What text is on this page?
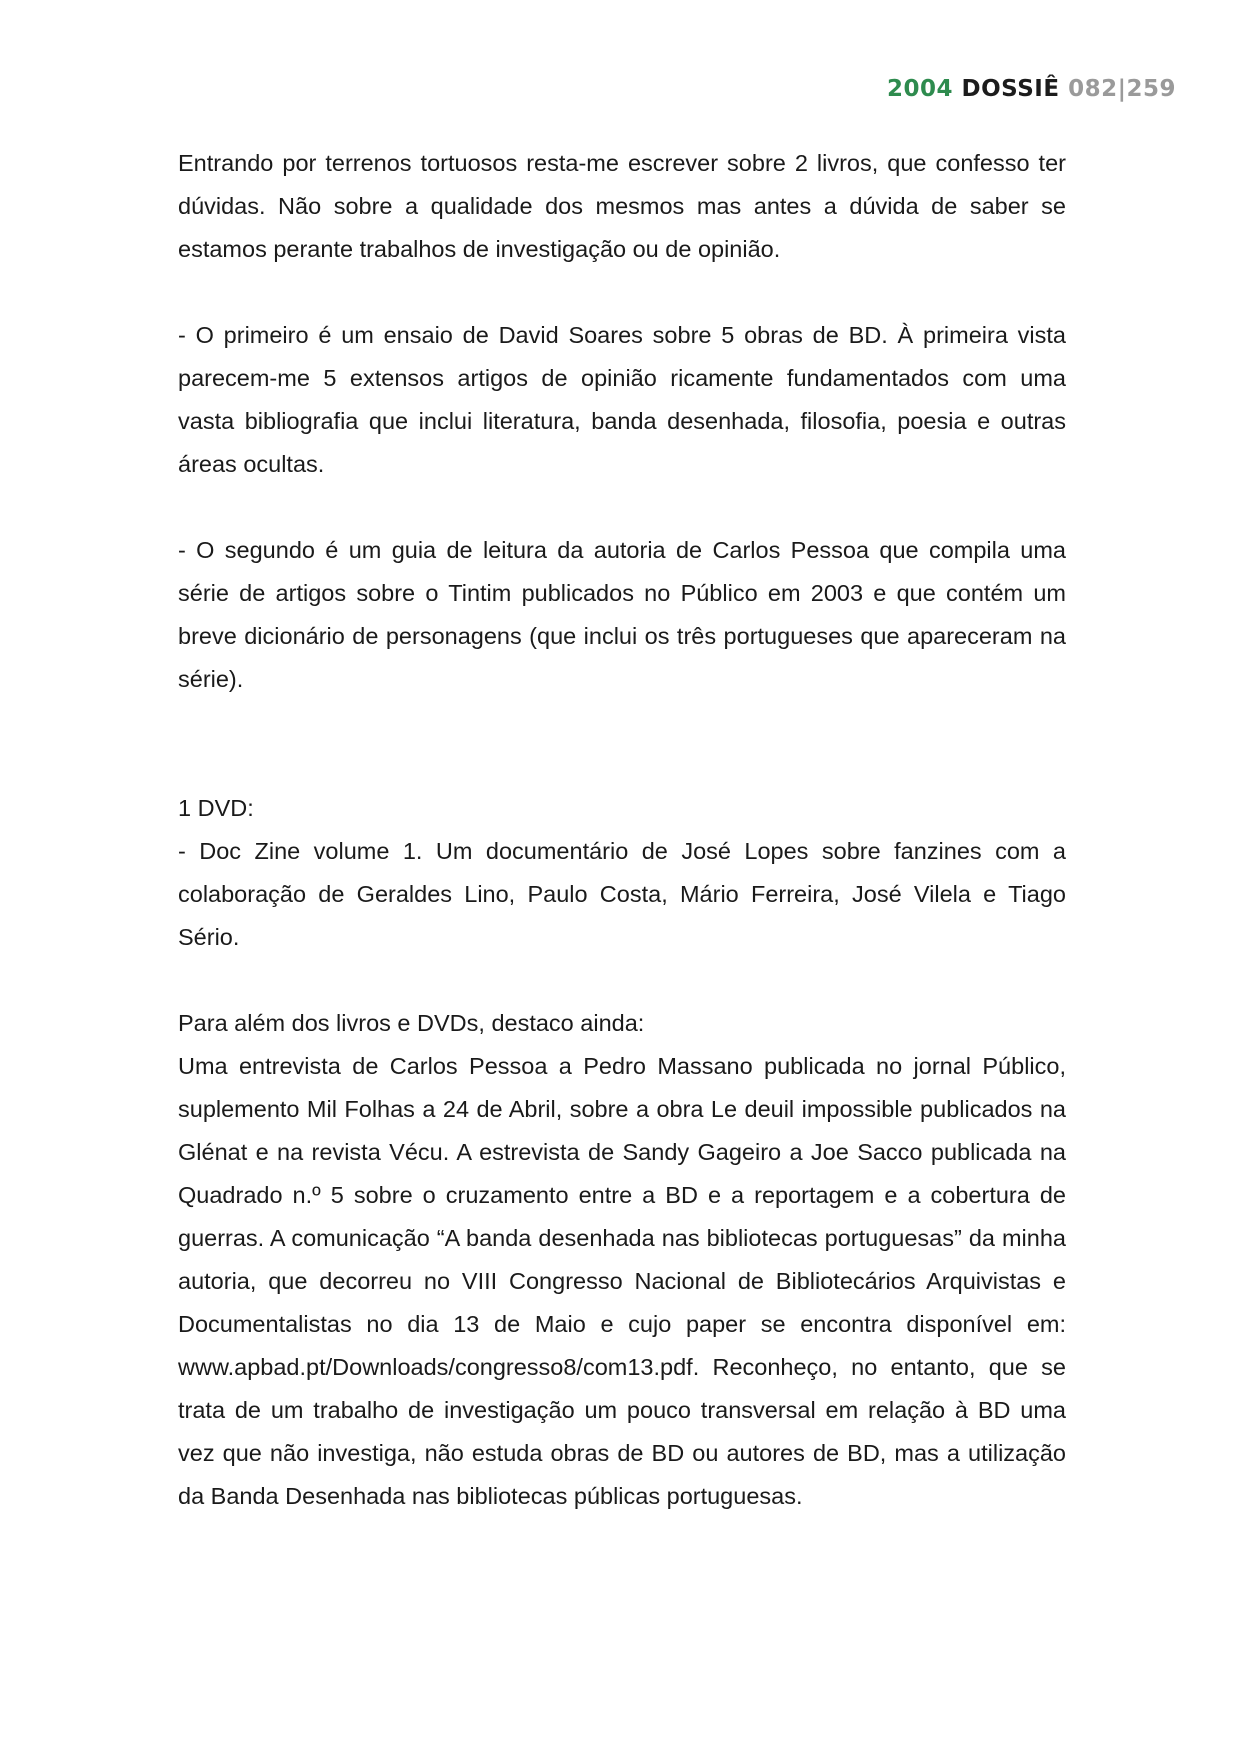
2004 DOSSIÊ 082|259

Entrando por terrenos tortuosos resta-me escrever sobre 2 livros, que confesso ter dúvidas. Não sobre a qualidade dos mesmos mas antes a dúvida de saber se estamos perante trabalhos de investigação ou de opinião.

- O primeiro é um ensaio de David Soares sobre 5 obras de BD. À primeira vista parecem-me 5 extensos artigos de opinião ricamente fundamentados com uma vasta bibliografia que inclui literatura, banda desenhada, filosofia, poesia e outras áreas ocultas.

- O segundo é um guia de leitura da autoria de Carlos Pessoa que compila uma série de artigos sobre o Tintim publicados no Público em 2003 e que contém um breve dicionário de personagens (que inclui os três portugueses que apareceram na série).

1 DVD:

- Doc Zine volume 1. Um documentário de José Lopes sobre fanzines com a colaboração de Geraldes Lino, Paulo Costa, Mário Ferreira, José Vilela e Tiago Sério.

Para além dos livros e DVDs, destaco ainda:

Uma entrevista de Carlos Pessoa a Pedro Massano publicada no jornal Público, suplemento Mil Folhas a 24 de Abril, sobre a obra Le deuil impossible publicados na Glénat e na revista Vécu. A estrevista de Sandy Gageiro a Joe Sacco publicada na Quadrado n.º 5 sobre o cruzamento entre a BD e a reportagem e a cobertura de guerras. A comunicação “A banda desenhada nas bibliotecas portuguesas” da minha autoria, que decorreu no VIII Congresso Nacional de Bibliotecários Arquivistas e Documentalistas no dia 13 de Maio e cujo paper se encontra disponível em:

www.apbad.pt/Downloads/congresso8/com13.pdf. Reconheço, no entanto, que se trata de um trabalho de investigação um pouco transversal em relação à BD uma vez que não investiga, não estuda obras de BD ou autores de BD, mas a utilização da Banda Desenhada nas bibliotecas públicas portuguesas.
